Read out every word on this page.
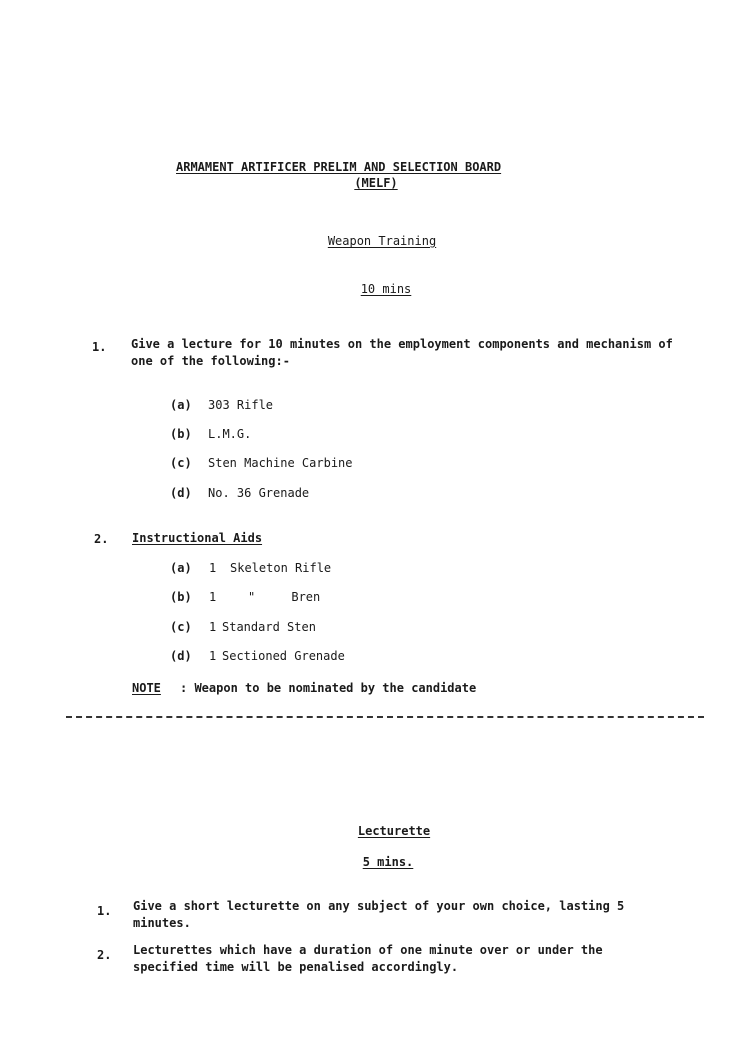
ARMAMENT ARTIFICER PRELIM AND SELECTION BOARD
(MELF)
Weapon Training
10 mins
1. Give a lecture for 10 minutes on the employment components and mechanism of one of the following:-
(a) 303 Rifle
(b) L.M.G.
(c) Sten Machine Carbine
(d) No. 36 Grenade
2. Instructional Aids
(a) 1 Skeleton Rifle
(b) 1	"     Bren
(c) 1 Standard Sten
(d) 1 Sectioned Grenade
NOTE : Weapon to be nominated by the candidate
Lecturette
5 mins.
1. Give a short lecturette on any subject of your own choice, lasting 5 minutes.
2. Lecturettes which have a duration of one minute over or under the specified time will be penalised accordingly.
